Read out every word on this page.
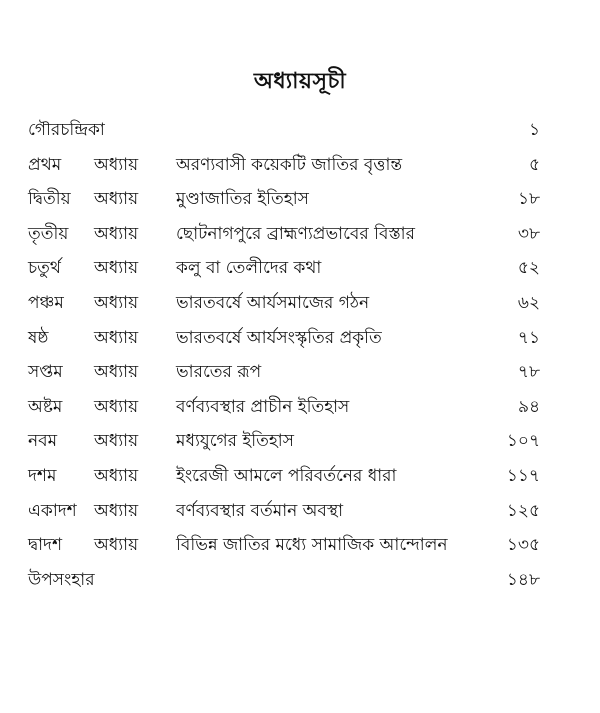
অধ্যায়সূচী
গৌরচন্দ্রিকা	১
প্রথম অধ্যায় অরণ্যবাসী কয়েকটি জাতির বৃত্তান্ত	৫
দ্বিতীয় অধ্যায় মুণ্ডাজাতির ইতিহাস	১৮
তৃতীয় অধ্যায় ছোটনাগপুরে ব্রাহ্মণ্যপ্রভাবের বিস্তার	৩৮
চতুর্থ অধ্যায় কলু বা তেলীদের কথা	৫২
পঞ্চম অধ্যায় ভারতবর্ষে আর্যসমাজের গঠন	৬২
ষষ্ঠ	অধ্যায় ভারতবর্ষে আর্যসংস্কৃতির প্রকৃতি	৭১
সপ্তম অধ্যায় ভারতের রূপ	৭৮
অষ্টম অধ্যায় বর্ণব্যবস্থার প্রাচীন ইতিহাস	৯৪
নবম অধ্যায় মধ্যযুগের ইতিহাস	১০৭
দশম অধ্যায় ইংরেজী আমলে পরিবর্তনের ধারা	১১৭
একাদশ অধ্যায় বর্ণব্যবস্থার বর্তমান অবস্থা	১২৫
দ্বাদশ অধ্যায় বিভিন্ন জাতির মধ্যে সামাজিক আন্দোলন	১৩৫
উপসংহার	১৪৮
